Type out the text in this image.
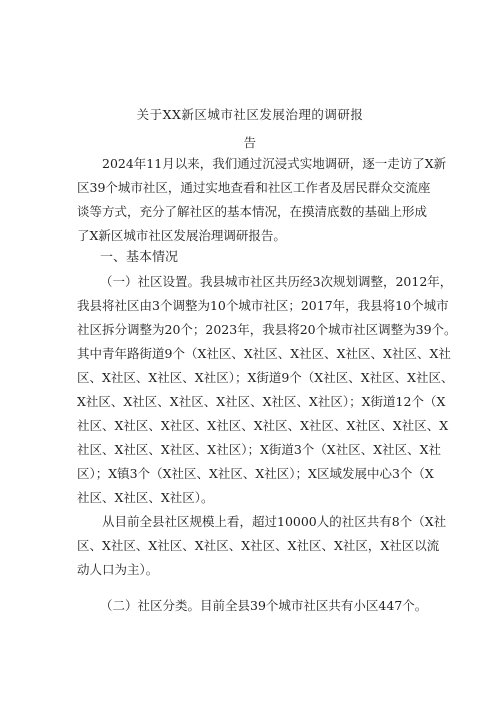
关于XX新区城市社区发展治理的调研报
告
2024年11月以来，我们通过沉浸式实地调研，逐一走访了X新
区39个城市社区，通过实地查看和社区工作者及居民群众交流座
谈等方式，充分了解社区的基本情况，在摸清底数的基础上形成
了X新区城市社区发展治理调研报告。
一、基本情况
（一）社区设置。我县城市社区共历经3次规划调整，2012年，
我县将社区由3个调整为10个城市社区；2017年，我县将10个城市
社区拆分调整为20个；2023年，我县将20个城市社区调整为39个。
其中青年路街道9个（X社区、X社区、X社区、X社区、X社区、X社
区、X社区、X社区、X社区）；X街道9个（X社区、X社区、X社区、
X社区、X社区、X社区、X社区、X社区、X社区）；X街道12个（X
社区、X社区、X社区、X社区、X社区、X社区、X社区、X社区、X
社区、X社区、X社区、X社区）；X街道3个（X社区、X社区、X社
区）；X镇3个（X社区、X社区、X社区）；X区域发展中心3个（X
社区、X社区、X社区）。
从目前全县社区规模上看，超过10000人的社区共有8个（X社
区、X社区、X社区、X社区、X社区、X社区、X社区，X社区以流
动人口为主）。
（二）社区分类。目前全县39个城市社区共有小区447个。
